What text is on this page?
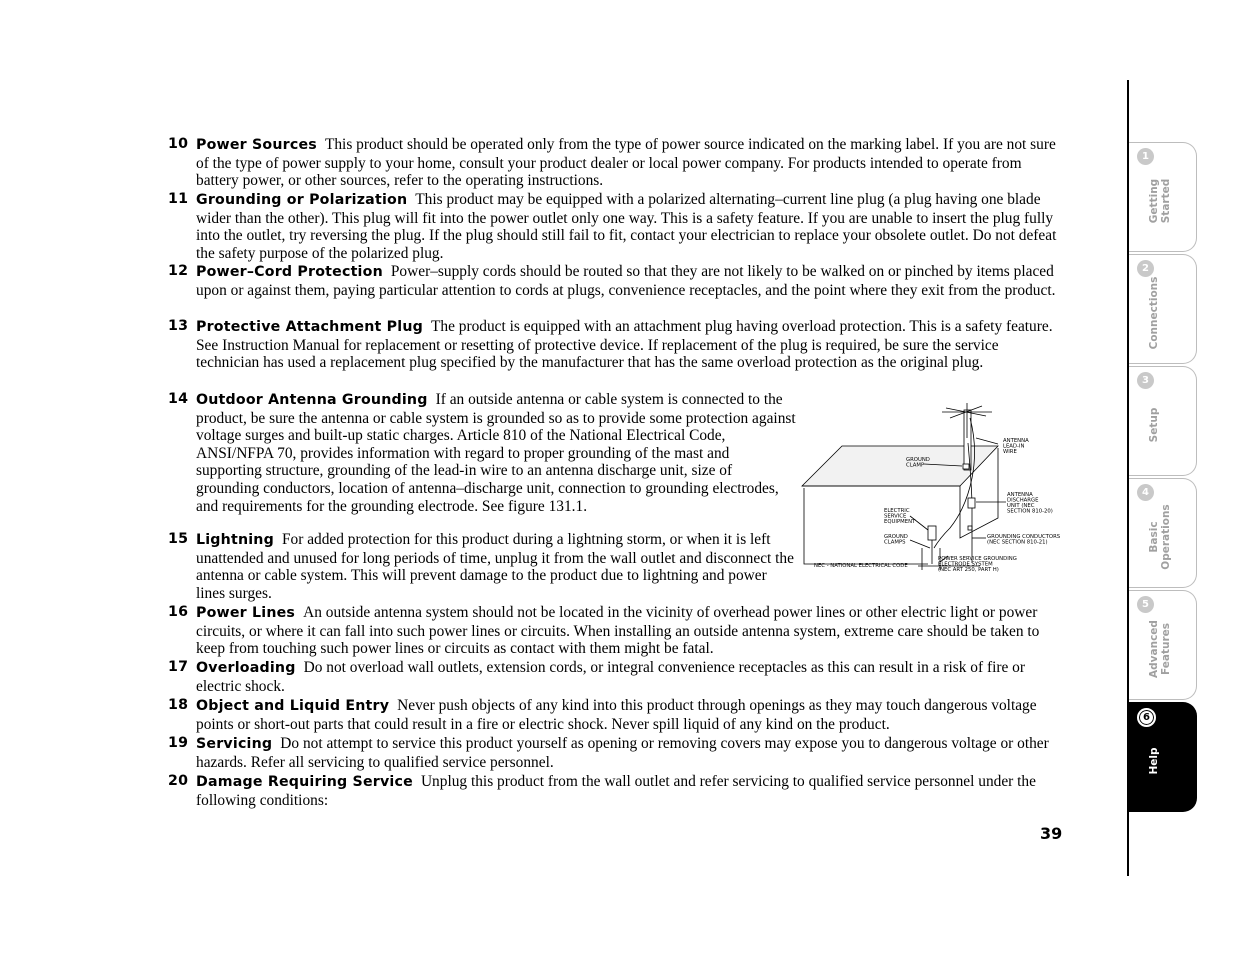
10 Power Sources This product should be operated only from the type of power source indicated on the marking label. If you are not sure of the type of power supply to your home, consult your product dealer or local power company. For products intended to operate from battery power, or other sources, refer to the operating instructions.
11 Grounding or Polarization This product may be equipped with a polarized alternating–current line plug (a plug having one blade wider than the other). This plug will fit into the power outlet only one way. This is a safety feature. If you are unable to insert the plug fully into the outlet, try reversing the plug. If the plug should still fail to fit, contact your electrician to replace your obsolete outlet. Do not defeat the safety purpose of the polarized plug.
12 Power–Cord Protection Power–supply cords should be routed so that they are not likely to be walked on or pinched by items placed upon or against them, paying particular attention to cords at plugs, convenience receptacles, and the point where they exit from the product.
13 Protective Attachment Plug The product is equipped with an attachment plug having overload protection. This is a safety feature. See Instruction Manual for replacement or resetting of protective device. If replacement of the plug is required, be sure the service technician has used a replacement plug specified by the manufacturer that has the same overload protection as the original plug.
14 Outdoor Antenna Grounding If an outside antenna or cable system is connected to the product, be sure the antenna or cable system is grounded so as to provide some protection against voltage surges and built-up static charges. Article 810 of the National Electrical Code, ANSI/NFPA 70, provides information with regard to proper grounding of the mast and supporting structure, grounding of the lead-in wire to an antenna discharge unit, size of grounding conductors, location of antenna–discharge unit, connection to grounding electrodes, and requirements for the grounding electrode. See figure 131.1.
15 Lightning For added protection for this product during a lightning storm, or when it is left unattended and unused for long periods of time, unplug it from the wall outlet and disconnect the antenna or cable system. This will prevent damage to the product due to lightning and power lines surges.
16 Power Lines An outside antenna system should not be located in the vicinity of overhead power lines or other electric light or power circuits, or where it can fall into such power lines or circuits. When installing an outside antenna system, extreme care should be taken to keep from touching such power lines or circuits as contact with them might be fatal.
17 Overloading Do not overload wall outlets, extension cords, or integral convenience receptacles as this can result in a risk of fire or electric shock.
18 Object and Liquid Entry Never push objects of any kind into this product through openings as they may touch dangerous voltage points or short-out parts that could result in a fire or electric shock. Never spill liquid of any kind on the product.
19 Servicing Do not attempt to service this product yourself as opening or removing covers may expose you to dangerous voltage or other hazards. Refer all servicing to qualified service personnel.
20 Damage Requiring Service Unplug this product from the wall outlet and refer servicing to qualified service personnel under the following conditions:
ANTENNA LEAD-IN WIRE
GROUND CLAMP
ANTENNA DISCHARGE UNIT (NEC SECTION 810-20)
ELECTRIC SERVICE EQUIPMENT
GROUND CLAMPS
GROUNDING CONDUCTORS (NEC SECTION 810-21)
POWER SERVICE GROUNDING ELECTRODE SYSTEM (NEC ART 250, PART H)
NEC - NATIONAL ELECTRICAL CODE
39
1
Getting
Started
2
Connections
3
Setup
4
Basic
Operations
5
Advanced
Features
6
Help
